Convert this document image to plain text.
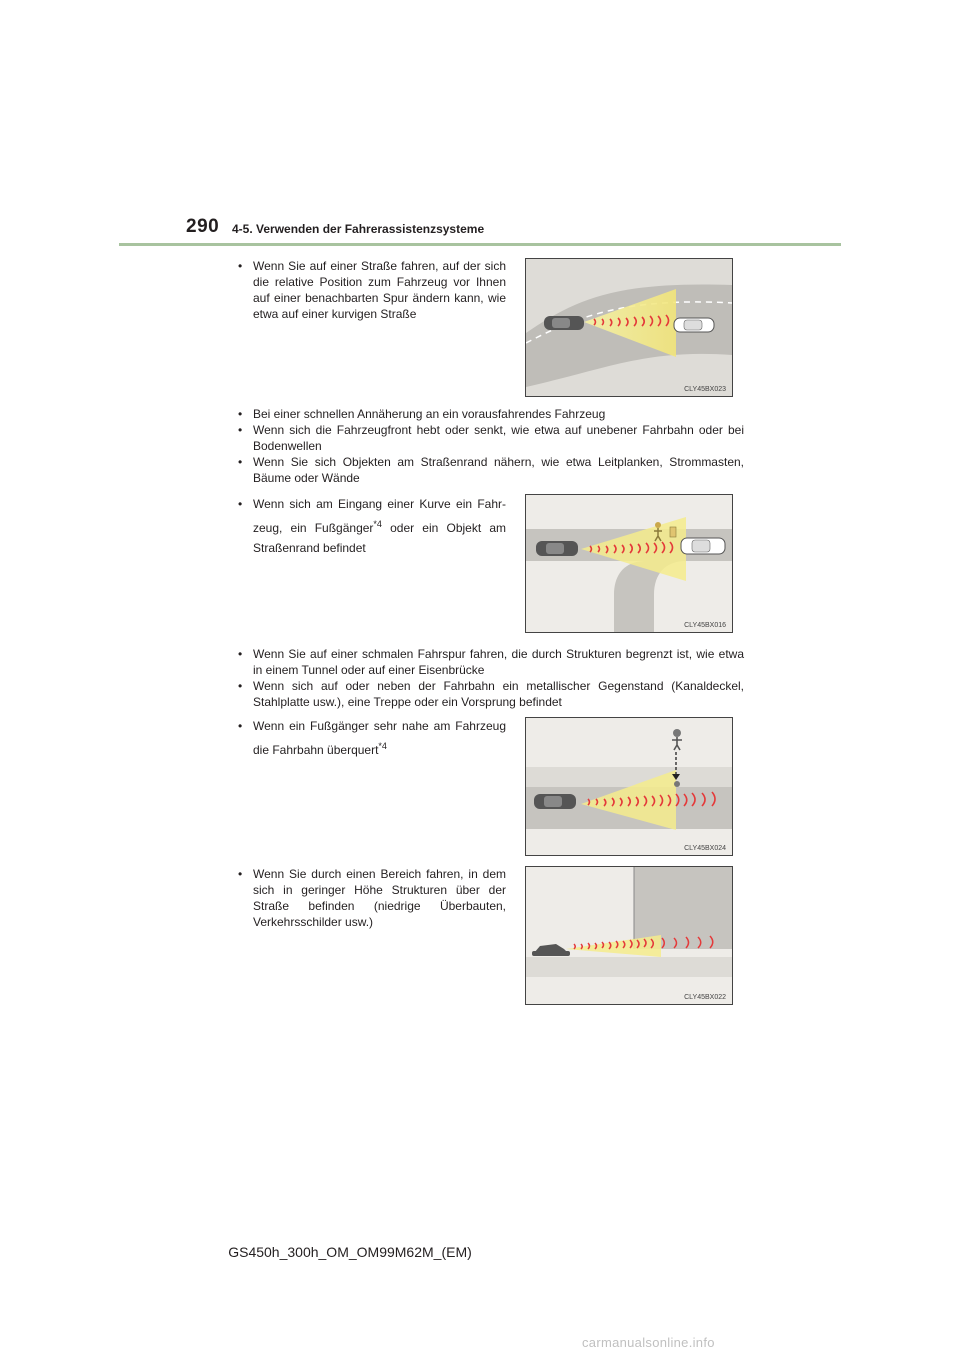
290 4-5. Verwenden der Fahrerassistenzsysteme
• Wenn Sie auf einer Straße fahren, auf der sich die relative Position zum Fahrzeug vor Ihnen auf einer benachbarten Spur ändern kann, wie etwa auf einer kurvigen Straße
CLY45BX023
• Bei einer schnellen Annäherung an ein vorausfahrendes Fahrzeug
• Wenn sich die Fahrzeugfront hebt oder senkt, wie etwa auf unebener Fahrbahn oder bei Bodenwellen
• Wenn Sie sich Objekten am Straßenrand nähern, wie etwa Leitplanken, Strommasten, Bäume oder Wände
• Wenn sich am Eingang einer Kurve ein Fahr-zeug, ein Fußgänger$^{*4}$ oder ein Objekt am Straßenrand befindet
CLY45BX016
• Wenn Sie auf einer schmalen Fahrspur fahren, die durch Strukturen begrenzt ist, wie etwa in einem Tunnel oder auf einer Eisenbrücke
• Wenn sich auf oder neben der Fahrbahn ein metallischer Gegenstand (Kanaldeckel, Stahlplatte usw.), eine Treppe oder ein Vorsprung befindet
• Wenn ein Fußgänger sehr nahe am Fahrzeug die Fahrbahn überquert$^{*4}$
CLY45BX024
• Wenn Sie durch einen Bereich fahren, in dem sich in geringer Höhe Strukturen über der Straße befinden (niedrige Überbauten, Verkehrsschilder usw.)
CLY45BX022
GS450h_300h_OM_OM99M62M_(EM)
carmanualsonline.info
